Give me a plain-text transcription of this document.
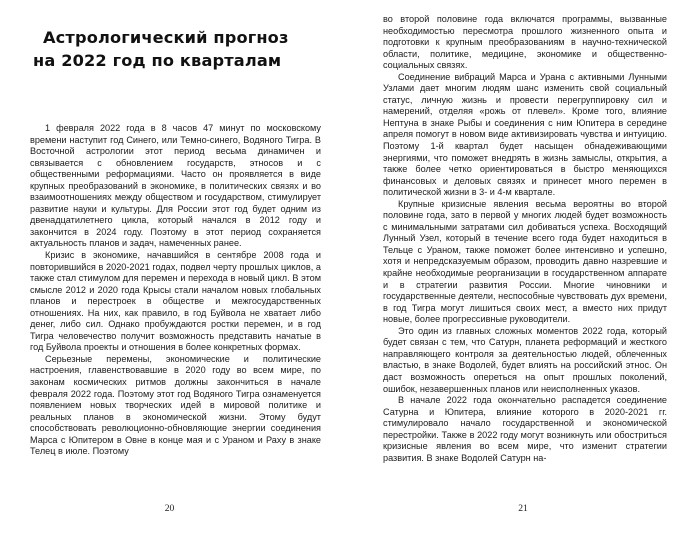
Астрологический прогноз
на 2022 год по кварталам

1 февраля 2022 года в 8 часов 47 минут по московскому времени наступит год Синего, или Темно-синего, Водяного Тигра. В Восточной астрологии этот период весьма динамичен и связывается с обновлением государств, этносов и с общественными реформациями. Часто он проявляется в виде крупных преобразований в экономике, в политических связях и во взаимоотношениях между обществом и государством, стимулирует развитие науки и культуры. Для России этот год будет одним из двенадцатилетнего цикла, который начался в 2012 году и закончится в 2024 году. Поэтому в этот период сохраняется актуальность планов и задач, намеченных ранее.

Кризис в экономике, начавшийся в сентябре 2008 года и повторившийся в 2020-2021 годах, подвел черту прошлых циклов, а также стал стимулом для перемен и перехода в новый цикл. В этом смысле 2012 и 2020 года Крысы стали началом новых глобальных планов и перестроек в обществе и межгосударственных отношениях. На них, как правило, в год Буйвола не хватает либо денег, либо сил. Однако пробуждаются ростки перемен, и в год Тигра человечество получит возможность представить начатые в год Буйвола проекты и отношения в более конкретных формах.

Серьезные перемены, экономические и политические настроения, главенствовавшие в 2020 году во всем мире, по законам космических ритмов должны закончиться в начале февраля 2022 года. Поэтому этот год Водяного Тигра ознаменуется появлением новых творческих идей в мировой политике и реальных планов в экономической жизни. Этому будут способствовать революционно-обновляющие энергии соединения Марса с Юпитером в Овне в конце мая и с Ураном и Раху в знаке Телец в июле. Поэтому

20

во второй половине года включатся программы, вызванные необходимостью пересмотра прошлого жизненного опыта и подготовки к крупным преобразованиям в научно-технической области, политике, медицине, экономике и общественно-социальных связях.

Соединение вибраций Марса и Урана с активными Лунными Узлами дает многим людям шанс изменить свой социальный статус, личную жизнь и провести перегруппировку сил и намерений, отделяя «рожь от плевел». Кроме того, влияние Нептуна в знаке Рыбы и соединения с ним Юпитера в середине апреля помогут в новом виде активизировать чувства и интуицию. Поэтому 1-й квартал будет насыщен обнадеживающими энергиями, что поможет внедрять в жизнь замыслы, открытия, а также более четко ориентироваться в быстро меняющихся финансовых и деловых связях и принесет много перемен в политической жизни в 3- и 4-м квартале.

Крупные кризисные явления весьма вероятны во второй половине года, зато в первой у многих людей будет возможность с минимальными затратами сил добиваться успеха. Восходящий Лунный Узел, который в течение всего года будет находиться в Тельце с Ураном, также поможет более интенсивно и успешно, хотя и непредсказуемым образом, проводить давно назревшие и крайне необходимые реорганизации в государственном аппарате и в стратегии развития России. Многие чиновники и государственные деятели, неспособные чувствовать дух времени, в год Тигра могут лишиться своих мест, а вместо них придут новые, более прогрессивные руководители.

Это один из главных сложных моментов 2022 года, который будет связан с тем, что Сатурн, планета реформаций и жесткого направляющего контроля за деятельностью людей, облеченных властью, в знаке Водолей, будет влиять на российский этнос. Он даст возможность опереться на опыт прошлых поколений, ошибок, незавершенных планов или неисполненных указов.

В начале 2022 года окончательно распадется соединение Сатурна и Юпитера, влияние которого в 2020-2021 гг. стимулировало начало государственной и экономической перестройки. Также в 2022 году могут возникнуть или обостриться кризисные явления во всем мире, что изменит стратегии развития. В знаке Водолей Сатурн на-

21
